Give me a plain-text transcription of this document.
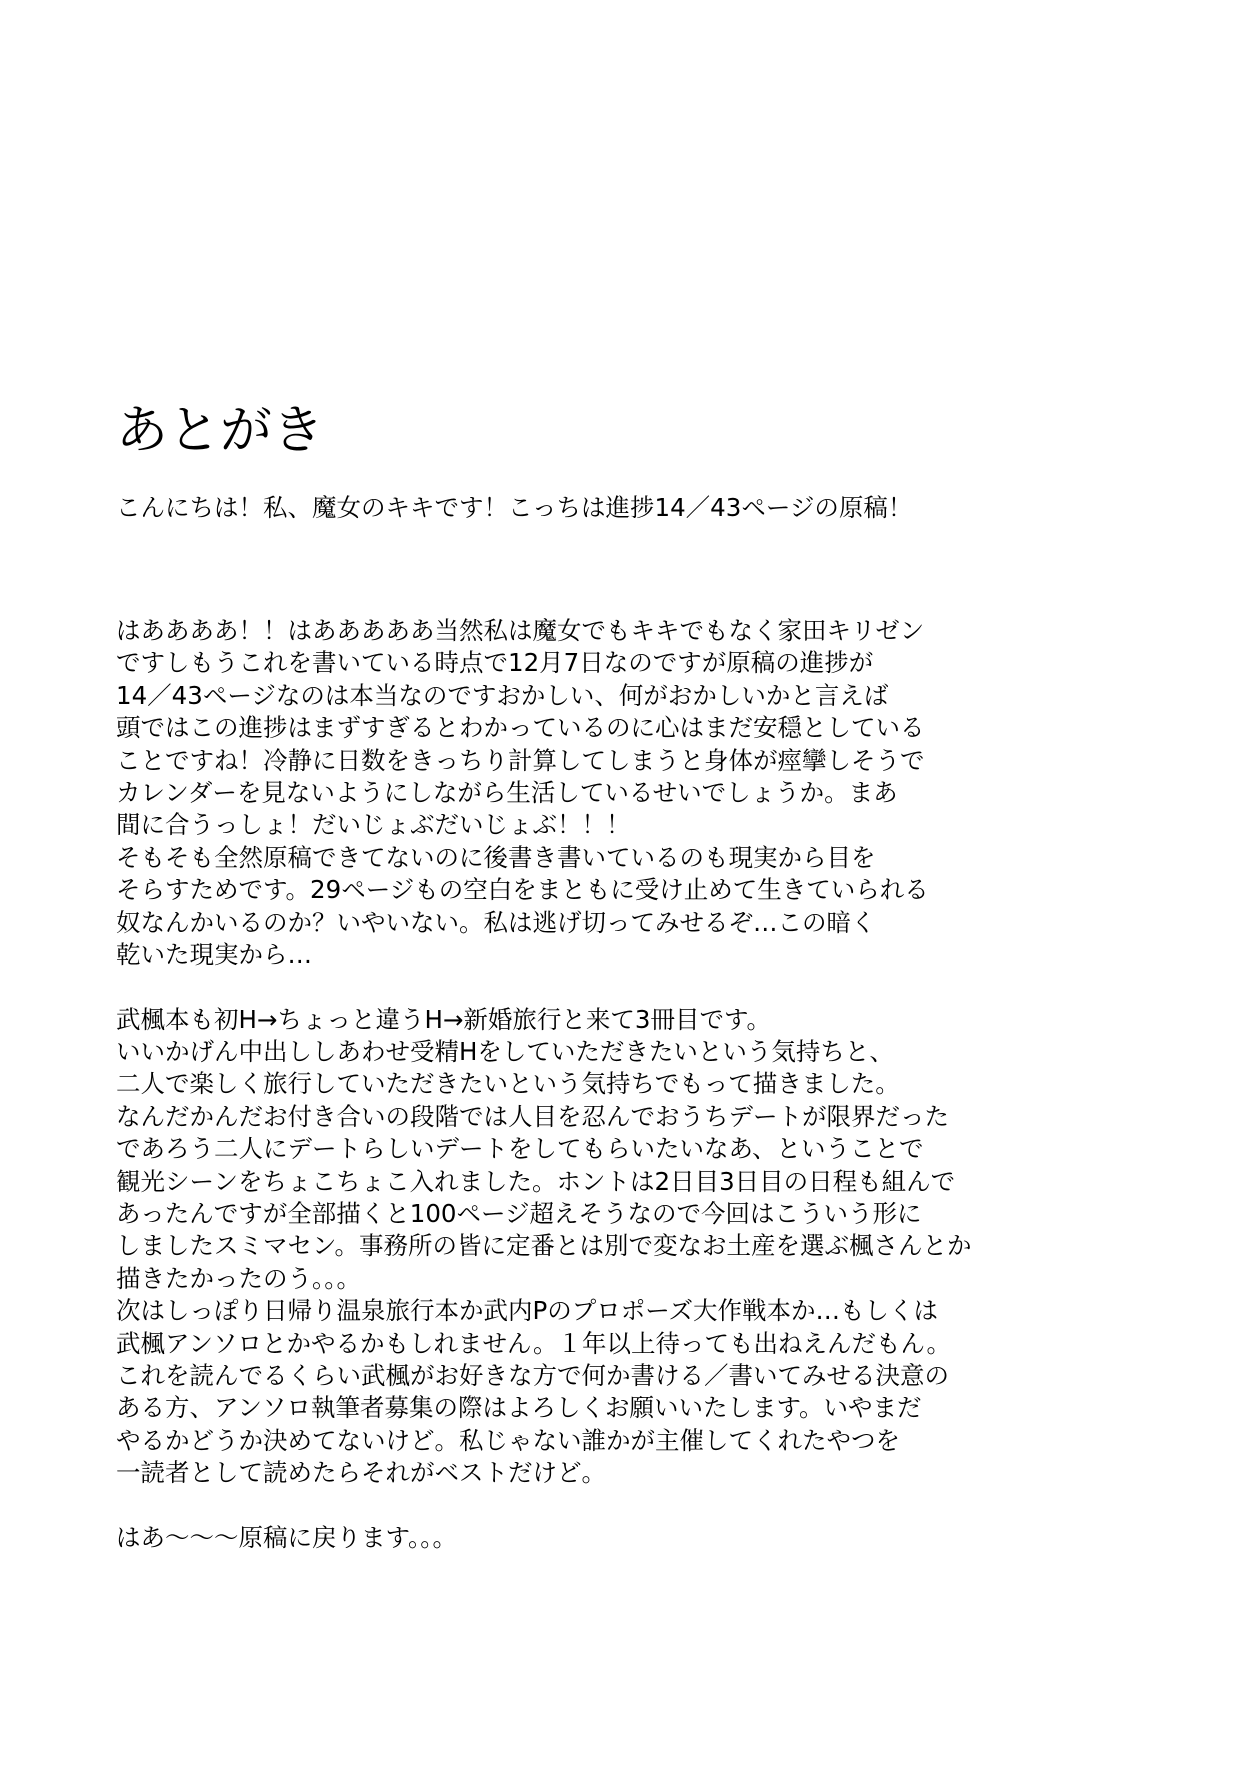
あとがき

こんにちは！私、魔女のキキです！こっちは進捗14／43ページの原稿！

はああああ！！はあああああ当然私は魔女でもキキでもなく家田キリゼン
ですしもうこれを書いている時点で12月7日なのですが原稿の進捗が
14／43ページなのは本当なのですおかしい、何がおかしいかと言えば
頭ではこの進捗はまずすぎるとわかっているのに心はまだ安穏としている
ことですね！冷静に日数をきっちり計算してしまうと身体が痙攣しそうで
カレンダーを見ないようにしながら生活しているせいでしょうか。まあ
間に合うっしょ！だいじょぶだいじょぶ！！！
そもそも全然原稿できてないのに後書き書いているのも現実から目を
そらすためです。29ページもの空白をまともに受け止めて生きていられる
奴なんかいるのか？いやいない。私は逃げ切ってみせるぞ…この暗く
乾いた現実から…
武楓本も初H→ちょっと違うH→新婚旅行と来て3冊目です。
いいかげん中出ししあわせ受精Hをしていただきたいという気持ちと、
二人で楽しく旅行していただきたいという気持ちでもって描きました。
なんだかんだお付き合いの段階では人目を忍んでおうちデートが限界だった
であろう二人にデートらしいデートをしてもらいたいなあ、ということで
観光シーンをちょこちょこ入れました。ホントは2日目3日目の日程も組んで
あったんですが全部描くと100ページ超えそうなので今回はこういう形に
しましたスミマセン。事務所の皆に定番とは別で変なお土産を選ぶ楓さんとか
描きたかったのう。。。
次はしっぽり日帰り温泉旅行本か武内Pのプロポーズ大作戦本か…もしくは
武楓アンソロとかやるかもしれません。１年以上待っても出ねえんだもん。
これを読んでるくらい武楓がお好きな方で何か書ける／書いてみせる決意の
ある方、アンソロ執筆者募集の際はよろしくお願いいたします。いやまだ
やるかどうか決めてないけど。私じゃない誰かが主催してくれたやつを
一読者として読めたらそれがベストだけど。
はあ～～～原稿に戻ります。。。
